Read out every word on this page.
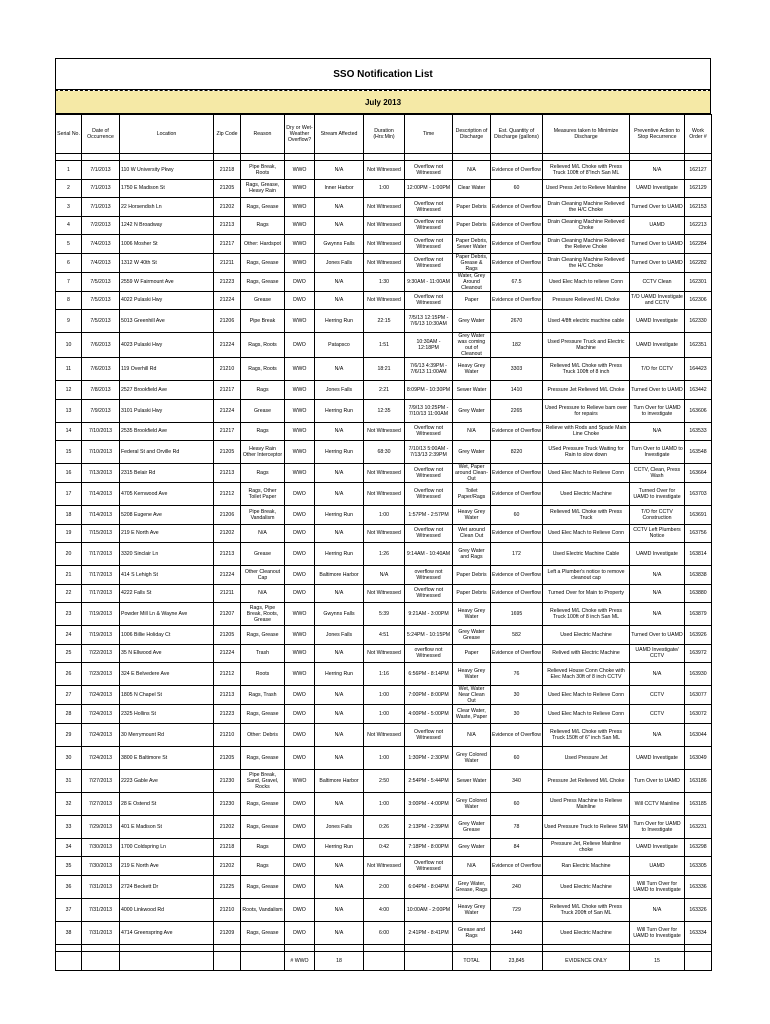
SSO Notification List
July 2013
Serial No.	Date of Occurrence	Location	Zip Code	Reason	Dry or Wet-Weather Overflow?	Stream Affected	Duration (Hrs:Min)	Time	Description of Discharge	Est. Quantity of Discharge (gallons)	Measures taken to Minimize Discharge	Preventive Action to Stop Recurrence	Work Order #

1	7/1/2013	110 W University Pkwy	21218	Pipe Break, Roots	WWO	N/A	Not Witnessed	Overflow not Witnessed	N/A	Evidence of Overflow	Relieved M/L Choke with Press Truck 100ft of 8"inch San ML	N/A	162127
2	7/1/2013	1750 E Madison St	21205	Rags, Grease, Heavy Rain	WWO	Inner Harbor	1:00	12:00PM - 1:00PM	Clear Water	60	Used Press Jet to Relieve Mainline	UAMD Investigate	162129
3	7/1/2013	22 Horsendish Ln	21202	Rags, Grease	WWO	N/A	Not Witnessed	Overflow not Witnessed	Paper Debris	Evidence of Overflow	Drain Cleaning Machine Relieved the H/C Choke	Turned Over to UAMD	162153
4	7/2/2013	1242 N Broadway	21213	Rags	WWO	N/A	Not Witnessed	Overflow not Witnessed	Paper Debris	Evidence of Overflow	Drain Cleaning Machine Relieved Choke	UAMD	162213
5	7/4/2013	1006 Mosher St	21217	Other: Hardspot	WWO	Gwynns Falls	Not Witnessed	Overflow not Witnessed	Paper Debris, Sewer Water	Evidence of Overflow	Drain Cleaning Machine Relieved the Relieve Choke	Turned Over to UAMD	162284
6	7/4/2013	1312 W 40th St	21211	Rags, Grease	WWO	Jones Falls	Not Witnessed	Overflow not Witnessed	Paper Debris, Grease & Rags	Evidence of Overflow	Drain Cleaning Machine Relieved the H/C Choke	Turned Over to UAMD	162282
7	7/5/2013	2559 W Fairmount Ave	21223	Rags, Grease	DWO	N/A	1:30	9:30AM - 11:00AM	Water, Grey Around Cleanout	67.5	Used Elec Mach to relieve Conn	CCTV Clean	162301
8	7/5/2013	4022 Pulaski Hwy	21224	Grease	DWO	N/A	Not Witnessed	Overflow not Witnessed	Paper	Evidence of Overflow	Pressure Relieved ML Choke	T/O UAMD Investigate and CCTV	162306
9	7/5/2013	5013 Greenhill Ave	21206	Pipe Break	WWO	Herring Run	22:15	7/5/13 12:15PM - 7/6/13 10:30AM	Grey Water	2670	Used 4/8ft electric machine cable	UAMD Investigate	162330
10	7/6/2013	4023 Pulaski Hwy	21224	Rags, Roots	DWO	Patapsco	1:51	10:30AM - 12:18PM	Grey Water was coming out of Cleanout	182	Used Pressure Truck and Electric Machine	UAMD Investigate	162351
11	7/6/2013	119 Overhill Rd	21210	Rags, Roots	WWO	N/A	18:21	7/6/13 4:39PM - 7/6/13 11:00AM	Heavy Grey Water	3303	Relieved M/L Choke with Press Truck 100ft of 8 inch	T/O for CCTV	164423
12	7/8/2013	2527 Brookfield Ave	21217	Rags	WWO	Jones Falls	2:21	8:09PM - 10:30PM	Sewer Water	1410	Pressure Jet Relieved M/L Choke	Turned Over to UAMD	163442
13	7/9/2013	3101 Pulaski Hwy	21224	Grease	WWO	Herring Run	12:35	7/9/13 10:25PM - 7/10/13 11:00AM	Grey Water	2265	Used Pressure to Relieve bam over for repairs	Turn Over for UAMD to investigate	163606
14	7/10/2013	2535 Brookfield Ave	21217	Rags	WWO	N/A	Not Witnessed	Overflow not Witnessed	N/A	Evidence of Overflow	Relieve with Rods and Spade Main Line Choke	N/A	163533
15	7/10/2013	Federal St and Orville Rd	21205	Heavy Rain Other Interceptor	WWO	Herring Run	68:30	7/10/13 5:00AM - 7/13/13 2:39PM	Grey Water	8220	USed Pressure Truck Waiting for Rain to slow down	Turn Over to UAMD to Investigate	163548
16	7/13/2013	2315 Belair Rd	21213	Rags	WWO	N/A	Not Witnessed	Overflow not Witnessed	Wet, Paper around Clean-Out	Evidence of Overflow	Used Elec Mach to Relieve Conn	CCTV, Clean, Press Wash	163664
17	7/14/2013	4705 Kernwood Ave	21212	Rags, Other Toilet Paper	DWO	N/A	Not Witnessed	Overflow not Witnessed	Toilet Paper/Rags	Evidence of Overflow	Used Electric Machine	Turned Over for UAMD to investigate	163703
18	7/14/2013	5208 Eugene Ave	21206	Pipe Break, Vandalism	DWO	Herring Run	1:00	1:57PM - 2:57PM	Heavy Grey Water	60	Relieved M/L Choke with Press Truck	T/O for CCTV Construction	163691
19	7/15/2013	219 E North Ave	21202	N/A	DWO	N/A	Not Witnessed	Overflow not Witnessed	Wet around Clean Out	Evidence of Overflow	Used Elec Mach to Relieve Conn	CCTV Left Plumbers Notice	163756
20	7/17/2013	3320 Sinclair Ln	21213	Grease	DWO	Herring Run	1:26	9:14AM - 10:40AM	Grey Water and Rags	172	Used Electric Machine Cable	UAMD Investigate	163814
21	7/17/2013	414 S Lehigh St	21224	Other Cleanout Cap	DWO	Baltimore Harbor	N/A	overflow not Witnessed	Paper Debris	Evidence of Overflow	Left a Plumber's notice to remove cleanout cap	N/A	163838
22	7/17/2013	4222 Falls St	21211	N/A	DWO	N/A	Not Witnessed	Overflow not Witnessed	Paper Debris	Evidence of Overflow	Turned Over for Main to Property	N/A	163880
23	7/19/2013	Powder Mill Ln & Wayne Ave	21207	Rags, Pipe Break, Roots, Grease	WWO	Gwynns Falls	5:39	9:21AM - 3:00PM	Heavy Grey Water	1695	Relieved M/L Choke with Press Truck 100ft of 8 inch San ML	N/A	163879
24	7/19/2013	1006 Billie Holiday Ct	21205	Rags, Grease	WWO	Jones Falls	4:51	5:24PM - 10:15PM	Grey Water Grease	582	Used Electric Machine	Turned Over to UAMD	163926
25	7/22/2013	35 N Ellwood Ave	21224	Trash	WWO	N/A	Not Witnessed	overflow not Witnessed	Paper	Evidence of Overflow	Relived with Electric Machine	UAMD Investigate/ CCTV	163972
26	7/23/2013	324 E Belvedere Ave	21212	Roots	WWO	Herring Run	1:16	6:56PM - 8:14PM	Heavy Grey Water	76	Relieved House Conn Choke with Elec Mach 30ft of 8 inch CCTV	N/A	163930
27	7/24/2013	1805 N Chapel St	21213	Rags, Trash	DWO	N/A	1:00	7:00PM - 8:00PM	Wet, Water Near Clean Out	30	Used Elec Mach to Relieve Conn	CCTV	163077
28	7/24/2013	2325 Hollins St	21223	Rags, Grease	DWO	N/A	1:00	4:00PM - 5:00PM	Clear Water, Waste, Paper	30	Used Elec Mach to Relieve Conn	CCTV	163072
29	7/24/2013	30 Merrymount Rd	21210	Other: Debris	DWO	N/A	Not Witnessed	Overflow not Witnessed	N/A	Evidence of Overflow	Relieved M/L Choke with Press Truck 150ft of 6" inch San ML	N/A	163044
30	7/24/2013	3800 E Baltimore St	21205	Rags, Grease	DWO	N/A	1:00	1:30PM - 2:30PM	Grey Colored Water	60	Used Pressure Jet	UAMD Investigate	163049
31	7/27/2013	2223 Gable Ave	21230	Pipe Break, Sand, Gravel, Rocks	WWO	Baltimore Harbor	2:50	2:54PM - 5:44PM	Sewer Water	340	Pressure Jet Relieved M/L Choke	Turn Over to UAMD	163186
32	7/27/2013	28 E Ostend St	21230	Rags, Grease	DWO	N/A	1:00	3:00PM - 4:00PM	Grey Colored Water	60	Used Press Machine to Relieve Mainline	Will CCTV Mainline	163185
33	7/29/2013	401 E Madison St	21202	Rags, Grease	DWO	Jones Falls	0:26	2:13PM - 2:39PM	Grey Water Grease	78	Used Pressure Truck to Relieve SIM	Turn Over for UAMD to Investigate	163231
34	7/30/2013	1700 Coldspring Ln	21218	Rags	DWO	Herring Run	0:42	7:18PM - 8:00PM	Grey Water	84	Pressure Jet, Relieve Mainline choke	UAMD Investigate	163298
35	7/30/2013	219 E North Ave	21202	Rags	DWO	N/A	Not Witnessed	Overflow not Witnessed	N/A	Evidence of Overflow	Ran Electric Machine	UAMD	163305
36	7/31/2013	2724 Beckett Dr	21225	Rags, Grease	DWO	N/A	2:00	6:04PM - 8:04PM	Grey Water, Grease, Rags	240	Used Electric Machine	Will Turn Over for UAMD to Investigate	163336
37	7/31/2013	4000 Linkwood Rd	21210	Roots, Vandalism	DWO	N/A	4:00	10:00AM - 2:00PM	Heavy Grey Water	729	Relieved M/L Choke with Press Truck 200ft of San ML	N/A	163326
38	7/31/2013	4714 Greenspring Ave	21209	Rags, Grease	DWO	N/A	6:00	2:41PM - 8:41PM	Grease and Rags	1440	Used Electric Machine	Will Turn Over for UAMD to Investigate	163334

					# WWO	18			TOTAL	23,845	EVIDENCE ONLY	15	
